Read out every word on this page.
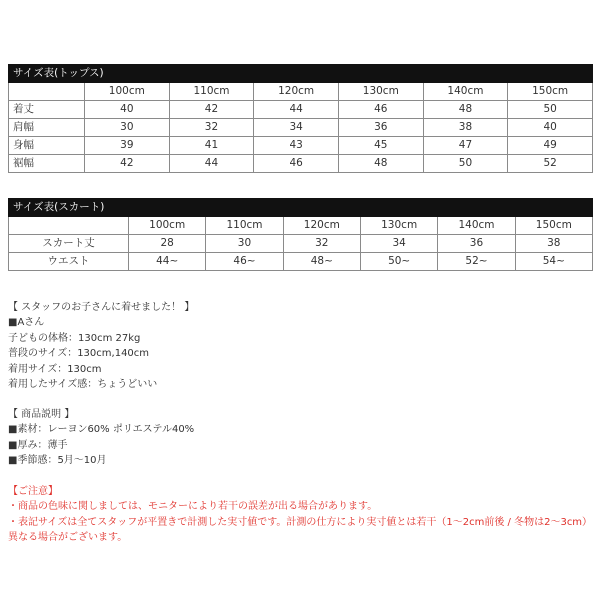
サイズ表(トップス)						
	100cm	110cm	120cm	130cm	140cm	150cm
着丈	40	42	44	46	48	50
肩幅	30	32	34	36	38	40
身幅	39	41	43	45	47	49
裾幅	42	44	46	48	50	52
サイズ表(スカート)						
	100cm	110cm	120cm	130cm	140cm	150cm
スカート丈	28	30	32	34	36	38
ウエスト	44~	46~	48~	50~	52~	54~
【 スタッフのお子さんに着せました！ 】
■Aさん
子どもの体格：130cm 27kg
普段のサイズ：130cm,140cm
着用サイズ：130cm
着用したサイズ感：ちょうどいい
【 商品説明 】
■素材：レーヨン60% ポリエステル40%
■厚み：薄手
■季節感：5月～10月
【ご注意】
・商品の色味に関しましては、モニターにより若干の誤差が出る場合があります。
・表記サイズは全てスタッフが平置きで計測した実寸値です。計測の仕方により実寸値とは若干（1～2cm前後 / 冬物は2～3cm）異なる場合がございます。
